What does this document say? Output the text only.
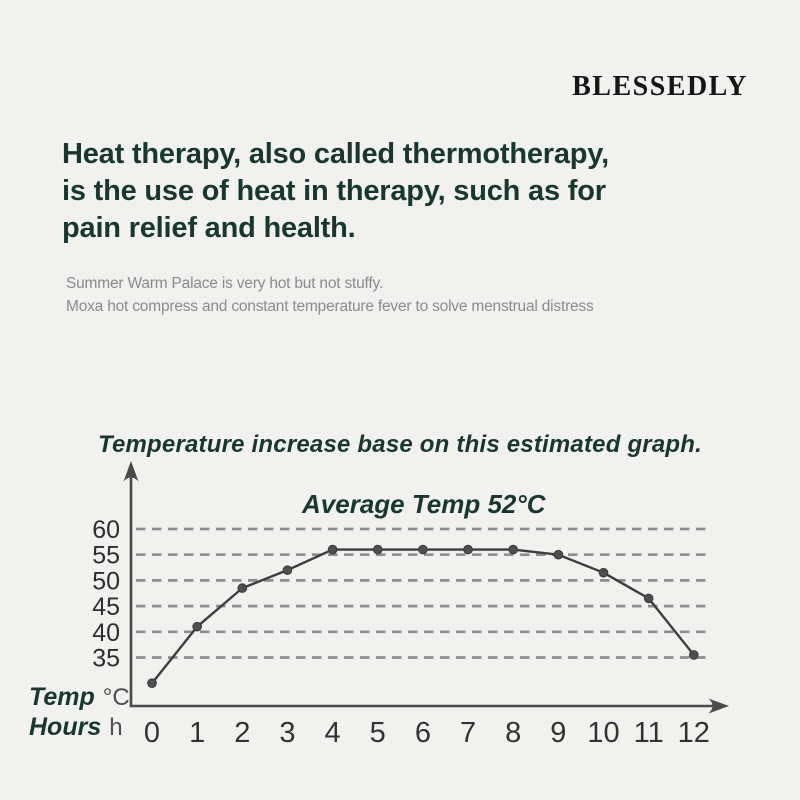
BLESSEDLY
Heat therapy, also called thermotherapy,
is the use of heat in therapy, such as for
pain relief and health.
Summer Warm Palace is very hot but not stuffy.
Moxa hot compress and constant temperature fever to solve menstrual distress
Temperature increase base on this estimated graph.
60
55
50
45
40
35
0 1 2 3 4 5 6 7 8 9 10 11 12
Average Temp 52°C
Temp °C
Hours h
